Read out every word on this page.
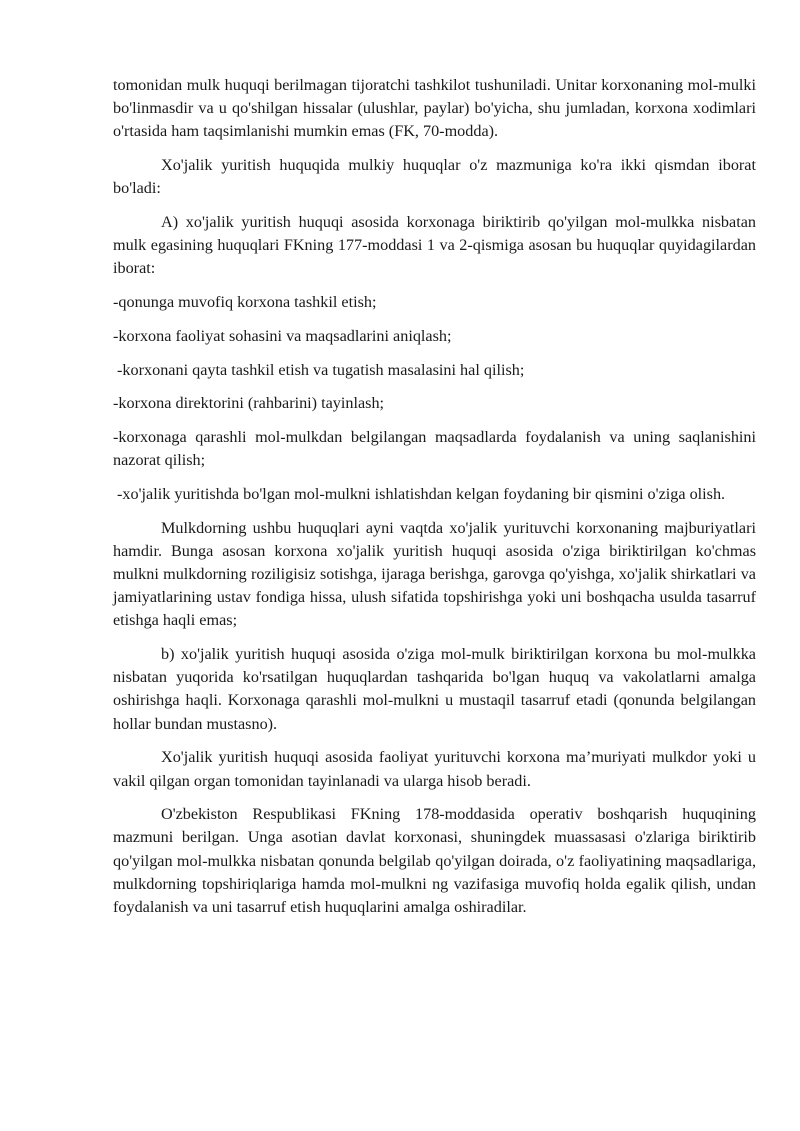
tomonidan mulk huquqi berilmagan tijoratchi tashkilot tushuniladi. Unitar korxonaning mol-mulki bo'linmasdir va u qo'shilgan hissalar (ulushlar, paylar) bo'yicha, shu jumladan, korxona xodimlari o'rtasida ham taqsimlanishi mumkin emas (FK, 70-modda).

Xo'jalik yuritish huquqida mulkiy huquqlar o'z mazmuniga ko'ra ikki qismdan iborat bo'ladi:

A) xo'jalik yuritish huquqi asosida korxonaga biriktirib qo'yilgan mol-mulkka nisbatan mulk egasining huquqlari FKning 177-moddasi 1 va 2-qismiga asosan bu huquqlar quyidagilardan iborat:

-qonunga muvofiq korxona tashkil etish;

-korxona faoliyat sohasini va maqsadlarini aniqlash;

-korxonani qayta tashkil etish va tugatish masalasini hal qilish;

-korxona direktorini (rahbarini) tayinlash;

-korxonaga qarashli mol-mulkdan belgilangan maqsadlarda foydalanish va uning saqlanishini nazorat qilish;

-xo'jalik yuritishda bo'lgan mol-mulkni ishlatishdan kelgan foydaning bir qismini o'ziga olish.

Mulkdorning ushbu huquqlari ayni vaqtda xo'jalik yurituvchi korxonaning majburiyatlari hamdir. Bunga asosan korxona xo'jalik yuritish huquqi asosida o'ziga biriktirilgan ko'chmas mulkni mulkdorning roziligisiz sotishga, ijaraga berishga, garovga qo'yishga, xo'jalik shirkatlari va jamiyatlarining ustav fondiga hissa, ulush sifatida topshirishga yoki uni boshqacha usulda tasarruf etishga haqli emas;

b) xo'jalik yuritish huquqi asosida o'ziga mol-mulk biriktirilgan korxona bu mol-mulkka nisbatan yuqorida ko'rsatilgan huquqlardan tashqarida bo'lgan huquq va vakolatlarni amalga oshirishga haqli. Korxonaga qarashli mol-mulkni u mustaqil tasarruf etadi (qonunda belgilangan hollar bundan mustasno).

Xo'jalik yuritish huquqi asosida faoliyat yurituvchi korxona ma’muriyati mulkdor yoki u vakil qilgan organ tomonidan tayinlanadi va ularga hisob beradi.

O'zbekiston Respublikasi FKning 178-moddasida operativ boshqarish huquqining mazmuni berilgan. Unga asotian davlat korxonasi, shuningdek muassasasi o'zlariga biriktirib qo'yilgan mol-mulkka nisbatan qonunda belgilab qo'yilgan doirada, o'z faoliyatining maqsadlariga, mulkdorning topshiriqlariga hamda mol-mulkni ng vazifasiga muvofiq holda egalik qilish, undan foydalanish va uni tasarruf etish huquqlarini amalga oshiradilar.
